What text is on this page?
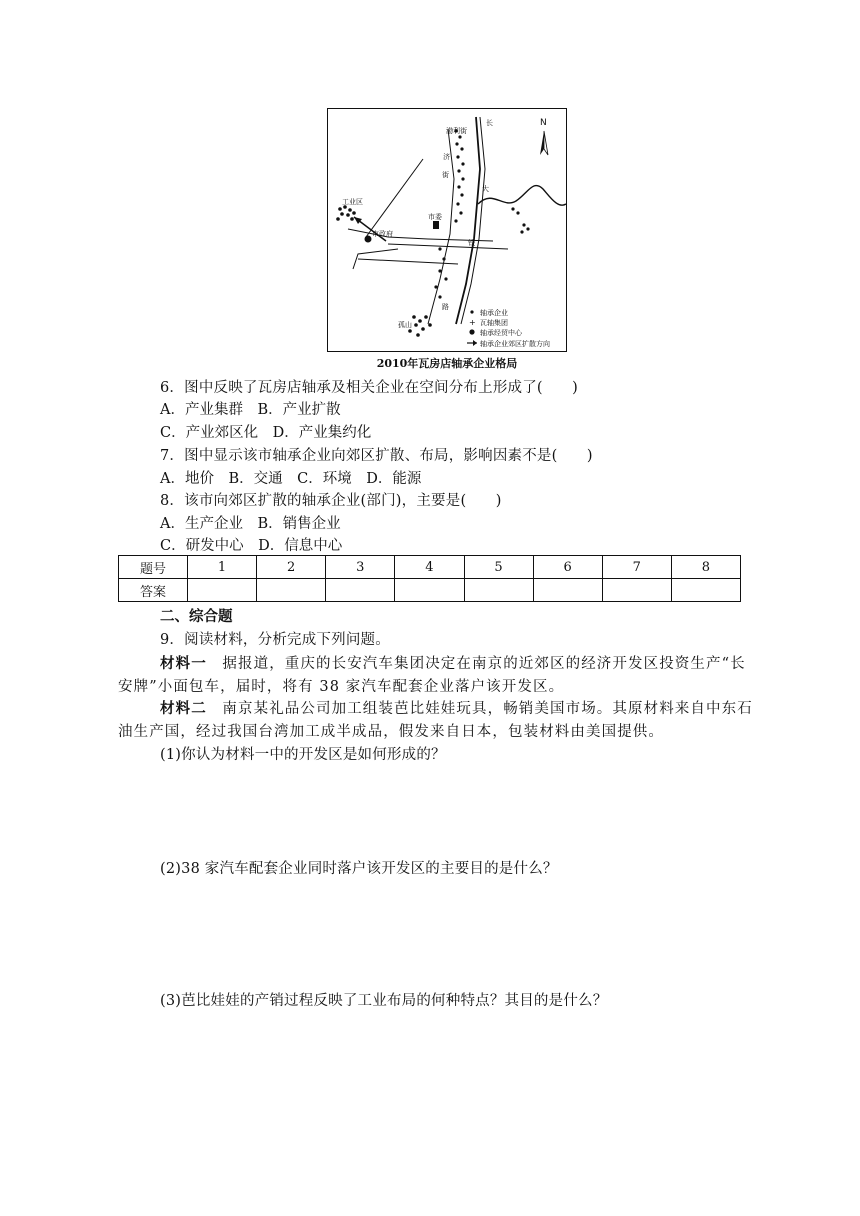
N
工业区
市政府
市委
渤利街
济
街
长
大
铁
路
孤山
轴承企业
+ 瓦轴集团
轴承经贸中心
轴承企业郊区扩散方向
2010年瓦房店轴承企业格局
6．图中反映了瓦房店轴承及相关企业在空间分布上形成了(　　)
A．产业集群　B．产业扩散
C．产业郊区化　D．产业集约化
7．图中显示该市轴承企业向郊区扩散、布局，影响因素不是(　　)
A．地价　B．交通　C．环境　D．能源
8．该市向郊区扩散的轴承企业(部门)，主要是(　　)
A．生产企业　B．销售企业
C．研发中心　D．信息中心
题号	1	2	3	4	5	6	7	8
答案								
二、综合题
9．阅读材料，分析完成下列问题。
材料一　据报道，重庆的长安汽车集团决定在南京的近郊区的经济开发区投资生产“长
安牌”小面包车，届时，将有 38 家汽车配套企业落户该开发区。
材料二　南京某礼品公司加工组装芭比娃娃玩具，畅销美国市场。其原材料来自中东石
油生产国，经过我国台湾加工成半成品，假发来自日本，包装材料由美国提供。
(1)你认为材料一中的开发区是如何形成的？
(2)38 家汽车配套企业同时落户该开发区的主要目的是什么？
(3)芭比娃娃的产销过程反映了工业布局的何种特点？其目的是什么？
